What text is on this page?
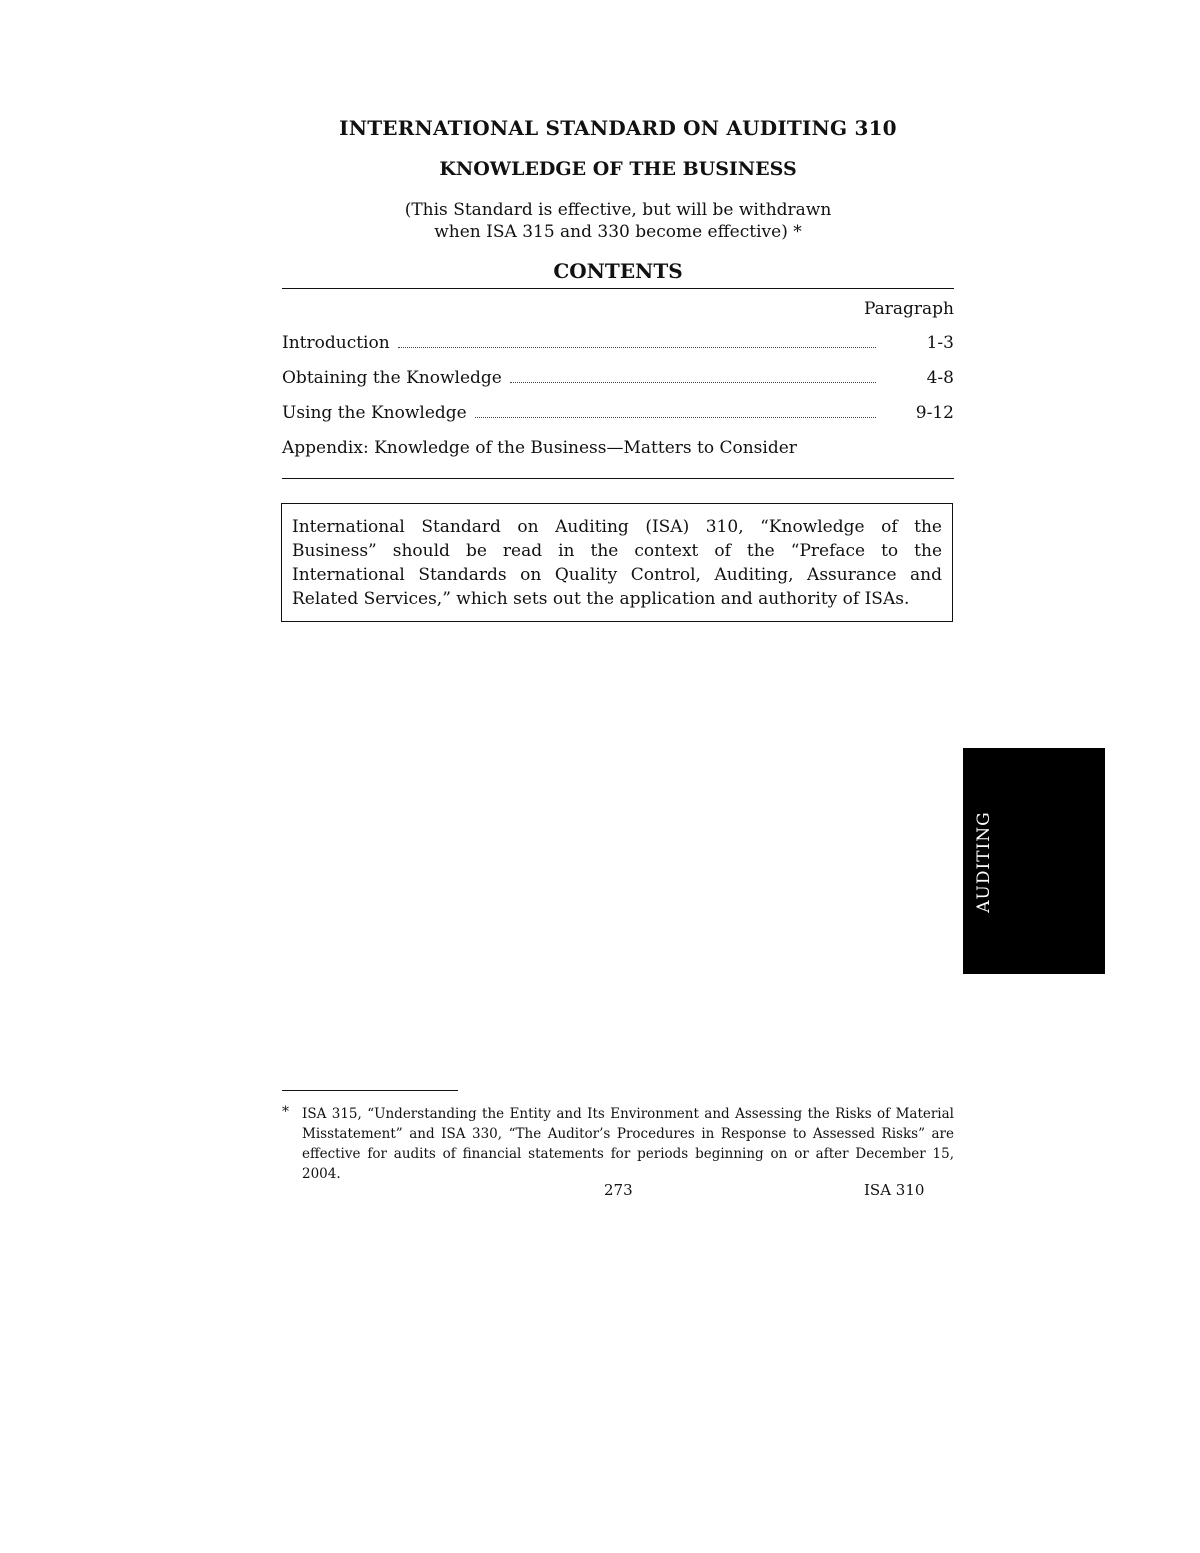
INTERNATIONAL STANDARD ON AUDITING 310
KNOWLEDGE OF THE BUSINESS
(This Standard is effective, but will be withdrawn
when ISA 315 and 330 become effective) *
CONTENTS
Paragraph
Introduction	1-3
Obtaining the Knowledge	4-8
Using the Knowledge	9-12
Appendix: Knowledge of the Business—Matters to Consider
International Standard on Auditing (ISA) 310, “Knowledge of the Business” should be read in the context of the “Preface to the International Standards on Quality Control, Auditing, Assurance and Related Services,” which sets out the application and authority of ISAs.
AUDITING
* ISA 315, “Understanding the Entity and Its Environment and Assessing the Risks of Material Misstatement” and ISA 330, “The Auditor’s Procedures in Response to Assessed Risks” are effective for audits of financial statements for periods beginning on or after December 15, 2004.
273	ISA 310
